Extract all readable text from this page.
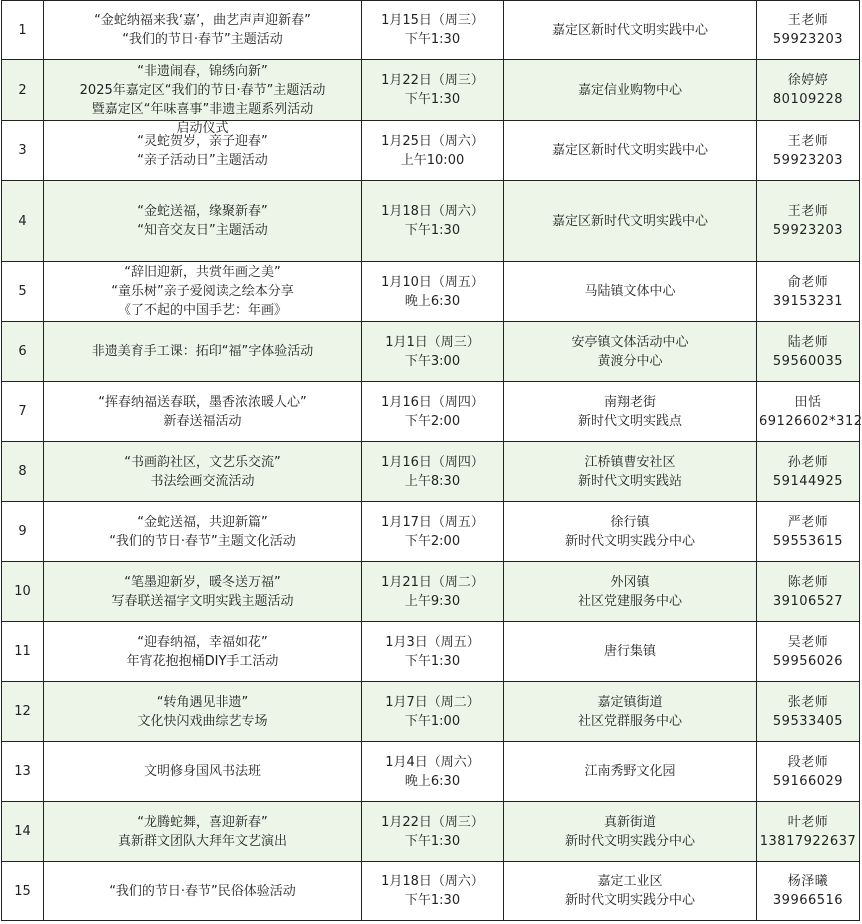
1	“金蛇纳福来我‘嘉’，曲艺声声迎新春”
“我们的节日·春节”主题活动	1月15日（周三）
下午1:30	嘉定区新时代文明实践中心	王老师
59923203

2	“非遗闹春，锦绣向新”
2025年嘉定区“我们的节日·春节”主题活动
暨嘉定区“年味喜事”非遗主题系列活动
启动仪式	1月22日（周三）
下午1:30	嘉定信业购物中心	徐婷婷
80109228

3	“灵蛇贺岁，亲子迎春”
“亲子活动日”主题活动	1月25日（周六）
上午10:00	嘉定区新时代文明实践中心	王老师
59923203

4	“金蛇送福，缘聚新春”
“知音交友日”主题活动	1月18日（周六）
下午1:30	嘉定区新时代文明实践中心	王老师
59923203

5	“辞旧迎新，共赏年画之美”
“童乐树”亲子爱阅读之绘本分享
《了不起的中国手艺：年画》	1月10日（周五）
晚上6:30	马陆镇文体中心	俞老师
39153231

6	非遗美育手工课：拓印“福”字体验活动	1月1日（周三）
下午3:00	安亭镇文体活动中心
黄渡分中心	陆老师
59560035

7	“挥春纳福送春联，墨香浓浓暖人心”
新春送福活动	1月16日（周四）
下午2:00	南翔老街
新时代文明实践点	田恬
69126602*312

8	“书画韵社区，文艺乐交流”
书法绘画交流活动	1月16日（周四）
上午8:30	江桥镇曹安社区
新时代文明实践站	孙老师
59144925

9	“金蛇送福，共迎新篇”
“我们的节日·春节”主题文化活动	1月17日（周五）
下午2:00	徐行镇
新时代文明实践分中心	严老师
59553615

10	“笔墨迎新岁，暖冬送万福”
写春联送福字文明实践主题活动	1月21日（周二）
上午9:30	外冈镇
社区党建服务中心	陈老师
39106527

11	“迎春纳福，幸福如花”
年宵花抱抱桶DIY手工活动	1月3日（周五）
下午1:30	唐行集镇	吴老师
59956026

12	“转角遇见非遗”
文化快闪戏曲综艺专场	1月7日（周二）
下午1:00	嘉定镇街道
社区党群服务中心	张老师
59533405

13	文明修身国风书法班	1月4日（周六）
晚上6:30	江南秀野文化园	段老师
59166029

14	“龙腾蛇舞，喜迎新春”
真新群文团队大拜年文艺演出	1月22日（周三）
下午1:30	真新街道
新时代文明实践分中心	叶老师
13817922637

15	“我们的节日·春节”民俗体验活动	1月18日（周六）
下午1:30	嘉定工业区
新时代文明实践分中心	杨泽曦
39966516
